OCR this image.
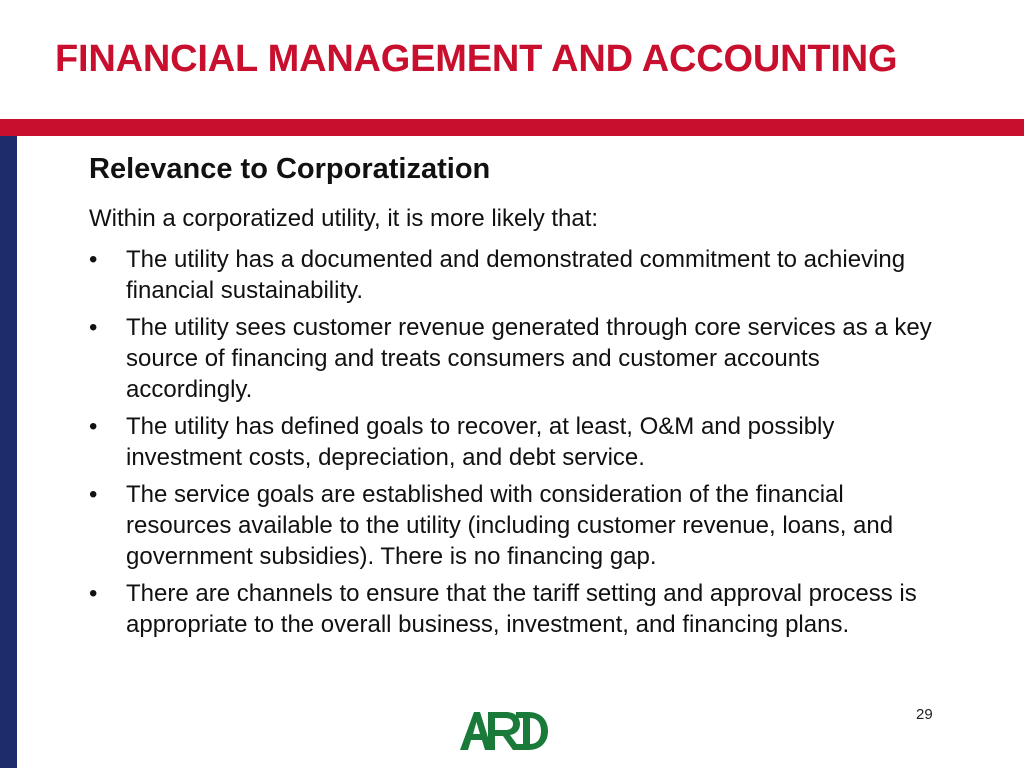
FINANCIAL MANAGEMENT AND ACCOUNTING
Relevance to Corporatization
Within a corporatized utility, it is more likely that:
• The utility has a documented and demonstrated commitment to achieving financial sustainability.
• The utility sees customer revenue generated through core services as a key source of financing and treats consumers and customer accounts accordingly.
• The utility has defined goals to recover, at least, O&M and possibly investment costs, depreciation, and debt service.
• The service goals are established with consideration of the financial resources available to the utility (including customer revenue, loans, and government subsidies). There is no financing gap.
• There are channels to ensure that the tariff setting and approval process is appropriate to the overall business, investment, and financing plans.
29
